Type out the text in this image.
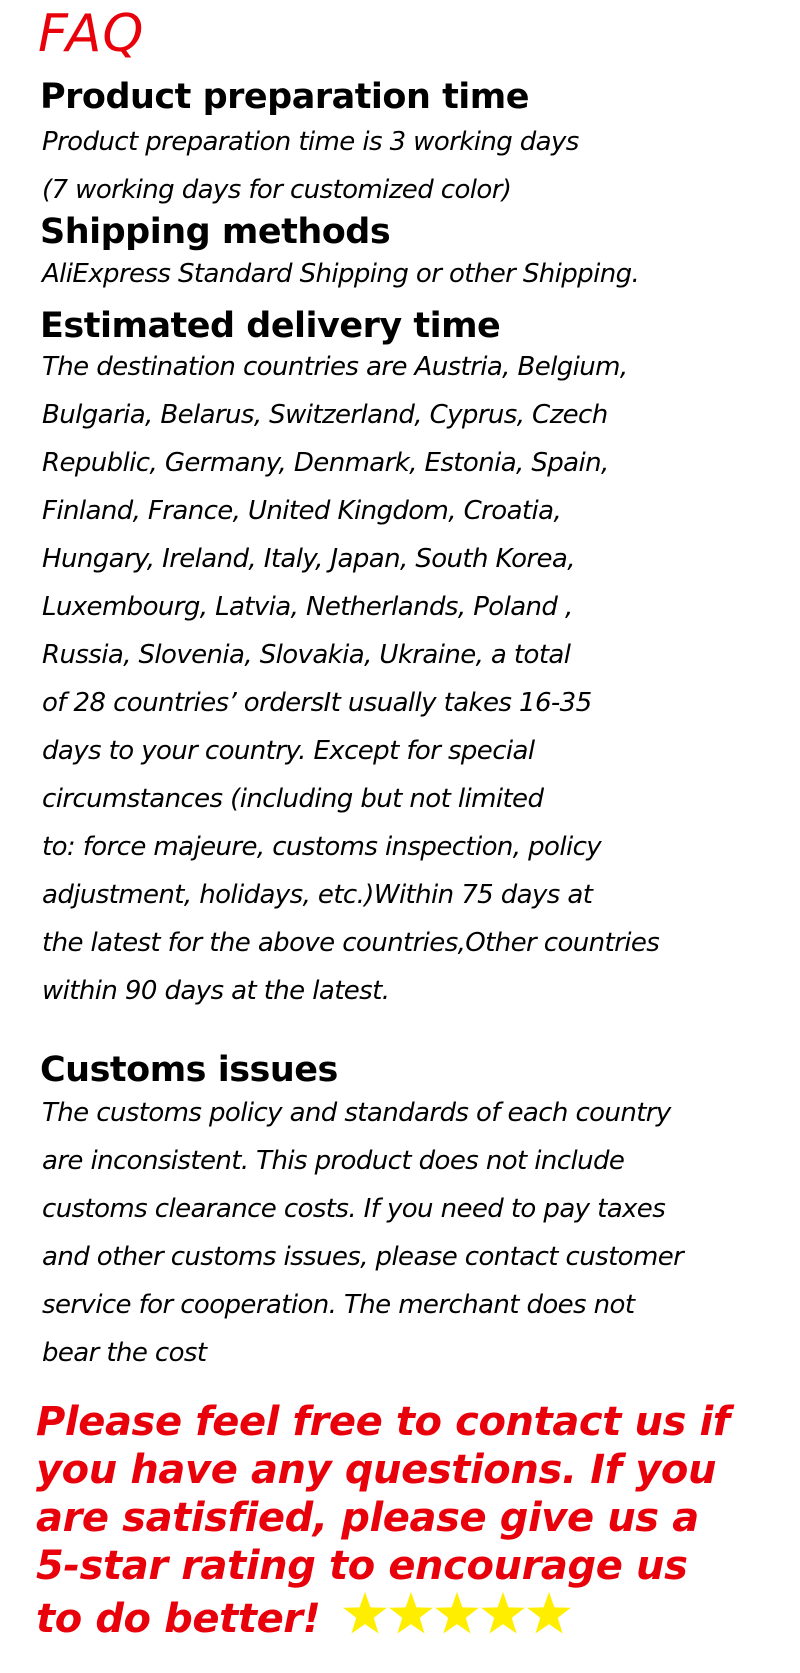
FAQ
Product preparation time
Product preparation time is 3 working days
(7 working days for customized color)
Shipping methods
AliExpress Standard Shipping or other Shipping.
Estimated delivery time
The destination countries are Austria, Belgium,
Bulgaria, Belarus, Switzerland, Cyprus, Czech
Republic, Germany, Denmark, Estonia, Spain,
Finland, France, United Kingdom, Croatia,
Hungary, Ireland, Italy, Japan, South Korea,
Luxembourg, Latvia, Netherlands, Poland ,
Russia, Slovenia, Slovakia, Ukraine, a total
of 28 countries’ ordersIt usually takes 16-35
days to your country. Except for special
circumstances (including but not limited
to: force majeure, customs inspection, policy
adjustment, holidays, etc.)Within 75 days at
the latest for the above countries,Other countries
within 90 days at the latest.
Customs issues
The customs policy and standards of each country
are inconsistent. This product does not include
customs clearance costs. If you need to pay taxes
and other customs issues, please contact customer
service for cooperation. The merchant does not
bear the cost
Please feel free to contact us if
you have any questions. If you
are satisfied, please give us a
5-star rating to encourage us
to do better!
